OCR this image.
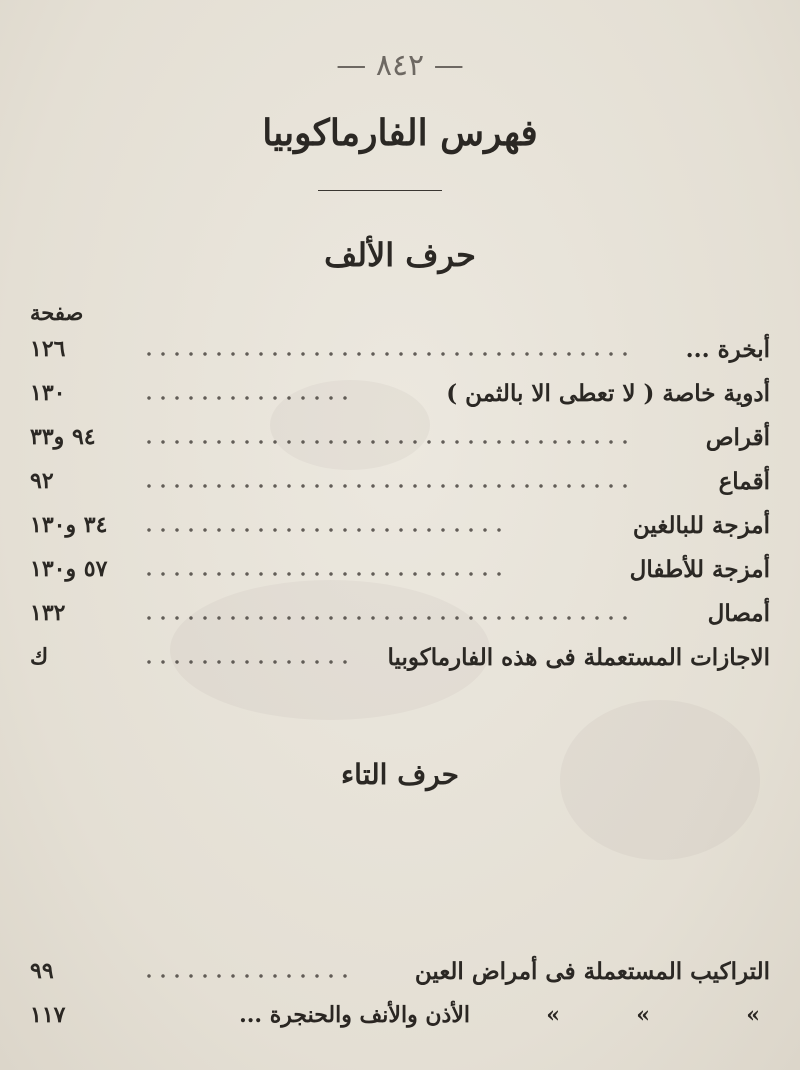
— ٨٤٢ —
فهرس الفارماكوبيا
حرف الألف
صفحة
أبخرة ...
١٢٦
أدوية خاصة ( لا تعطى الا بالثمن )
١٣٠
أقراص
٩٤ و٣٣
أقماع
٩٢
أمزجة للبالغين
٣٤ و١٣٠
أمزجة للأطفال
٥٧ و١٣٠
أمصال
١٣٢
الاجازات المستعملة فى هذه الفارماكوبيا
ك
حرف التاء
التراكيب المستعملة فى أمراض العين
٩٩
»
»
»
الأذن والأنف والحنجرة ...
١١٧
